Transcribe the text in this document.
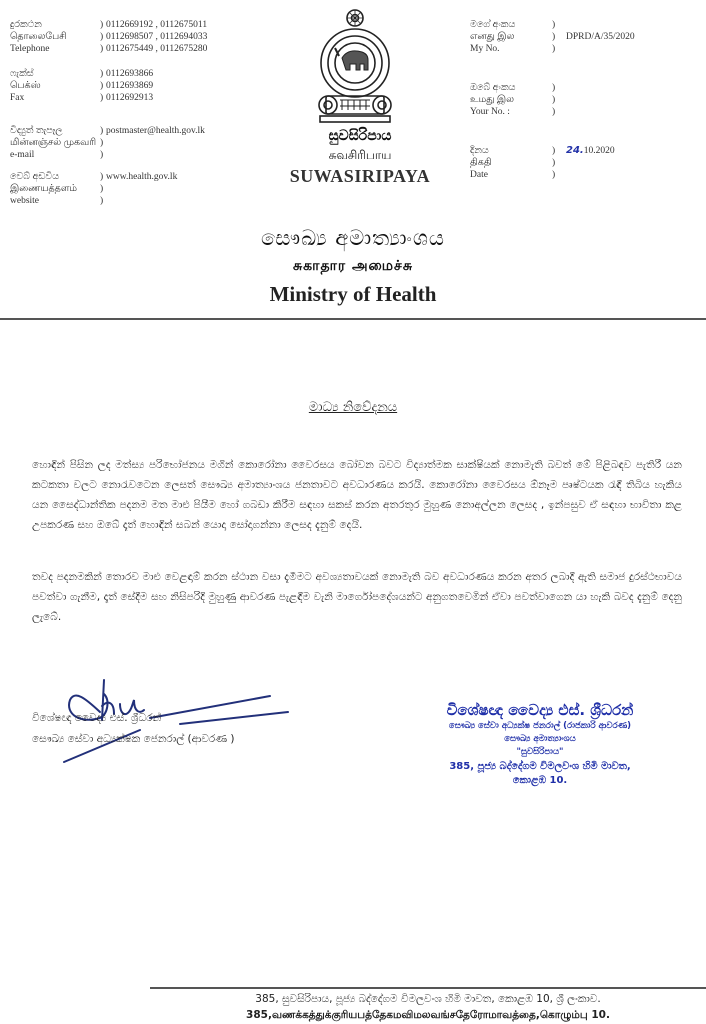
දුරකථන	) 0112669192 , 0112675011
தொலைபேசி	) 0112698507 , 0112694033
Telephone	) 0112675449 , 0112675280
ෆැක්ස්	) 0112693866
பெக்ஸ்	) 0112693869
Fax	) 0112692913
විද්‍යුත් තැපෑල	) postmaster@health.gov.lk
மின்னஞ்சல் முகவரி )
e-mail	)
වෙබ් අඩවිය	) www.health.gov.lk
இணையத்தளம்	)
website	)
මගේ අංකය	)
எனது இல	)	DPRD/A/35/2020
My No.	)
ඔබේ අංකය	)
உமது இல	)
Your No. :	)
දිනය	)	24.10.2020
திகதி	)
Date	)
සුවසිරිපාය
சுவசிரிபாய
SUWASIRIPAYA
සෞඛ්‍ය අමාත්‍යාංශය
சுகாதார அமைச்சு
Ministry of Health
මාධ්‍ය නිවේදනය
හොඳින් පිසින ලද මත්ස්‍ය පරිභෝජනය මගින් කොරෝනා වෛරසය බෝවන බවට විද්‍යාත්මක සාක්ෂියක් නොමැති බවත් මේ පිළිබඳව පැතිරී යන කටකතා වලට නොරැවටෙන ලෙසත් සෞඛ්‍ය අමාත්‍යාංශය ජනතාවට අවධාරණය කරයි. කොරෝනා වෛරසය ඕනෑම පෘෂ්ටයක රැඳී තිබිය හැකිය යන සෛද්ධාන්තික පදනම මත මාළු පියීම හෝ ගබඩා කිරීම සඳහා සකස් කරන අතරතුර මුහුණ නොඅල්ලන ලෙසද , ඉන්පසුව ඒ සඳහා භාවිතා කළ උපකරණ සහ ඔබේ දෑත් හොඳින් සබන් යොදා සෝදාගන්නා ලෙසද දැනුම් දෙයි.
තවද පදනමකින් තොරව මාළු වෙළඳාම් කරන ස්ථාන වසා දැමීමට අවශ්‍යතාවයක් නොමැති බව අවධාරණය කරන අතර ලබාදී ඇති සමාජ දුරස්ථභාවය පවත්වා ගැනීම, දෑත් සේදීම සහ නිසිපරිදි මුහුණු ආවරණ පැළඳීම වැනි මාර්ගෝපදේශයන්ට අනුගතවෙමින් ඒවා පවත්වාගෙන යා හැකි බවද දැනුම් දෙනු ලැබේ.
විශේෂඥ වෛද්‍ය එස්. ශ්‍රීධරන්
සෞඛ්‍ය සේවා අධ්‍යක්ෂක ජෙනරාල් (ආවරණ )
විශේෂඥ වෛද්‍ය එස්. ශ්‍රීධරන්
සෞඛ්‍ය සේවා අධ්‍යක්ෂ ජනරාල් (රාජකාරි ආවරණ)
සෞඛ්‍ය අමාත්‍යාංශය
"සුවසිරිපාය"
385, පූජ්‍ය බද්දේගම විමලවංශ හිමි මාවත,
කොළඹ 10.
385, සුවසිරිපාය, පූජ්‍ය බද්දේගම විමලවංශ හිමි මාවත, කොළඹ 10, ශ්‍රී ලංකාව.
385,வணக்கத்துக்குரியபத்தேகமவிமலவங்சதேரோமாவத்தை,கொழும்பு 10.
